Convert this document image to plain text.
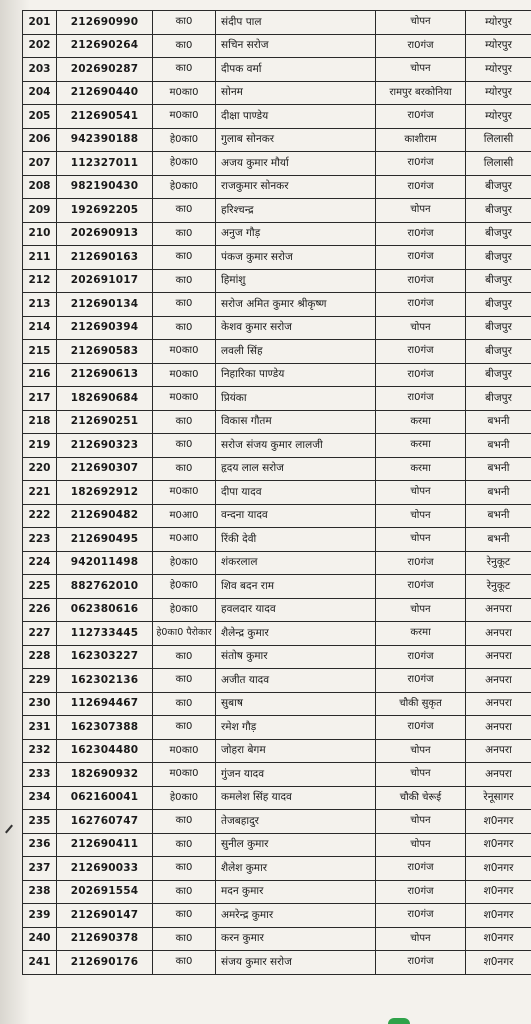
201	212690990	का0	संदीप पाल	चोपन	म्योरपुर
202	212690264	का0	सचिन सरोज	रा0गंज	म्योरपुर
203	202690287	का0	दीपक वर्मा	चोपन	म्योरपुर
204	212690440	म0का0	सोनम	रामपुर बरकोनिया	म्योरपुर
205	212690541	म0का0	दीक्षा पाण्डेय	रा0गंज	म्योरपुर
206	942390188	हे0का0	गुलाब सोनकर	काशीराम	लिलासी
207	112327011	हे0का0	अजय कुमार मौर्या	रा0गंज	लिलासी
208	982190430	हे0का0	राजकुमार सोनकर	रा0गंज	बीजपुर
209	192692205	का0	हरिश्चन्द्र	चोपन	बीजपुर
210	202690913	का0	अनुज गौड़	रा0गंज	बीजपुर
211	212690163	का0	पंकज कुमार सरोज	रा0गंज	बीजपुर
212	202691017	का0	हिमांशु	रा0गंज	बीजपुर
213	212690134	का0	सरोज अमित कुमार श्रीकृष्ण	रा0गंज	बीजपुर
214	212690394	का0	केशव कुमार सरोज	चोपन	बीजपुर
215	212690583	म0का0	लवली सिंह	रा0गंज	बीजपुर
216	212690613	म0का0	निहारिका पाण्डेय	रा0गंज	बीजपुर
217	182690684	म0का0	प्रियंका	रा0गंज	बीजपुर
218	212690251	का0	विकास गौतम	करमा	बभनी
219	212690323	का0	सरोज संजय कुमार लालजी	करमा	बभनी
220	212690307	का0	हृदय लाल सरोज	करमा	बभनी
221	182692912	म0का0	दीपा यादव	चोपन	बभनी
222	212690482	म0आ0	वन्दना यादव	चोपन	बभनी
223	212690495	म0आ0	रिंकी देवी	चोपन	बभनी
224	942011498	हे0का0	शंकरलाल	रा0गंज	रेनुकूट
225	882762010	हे0का0	शिव बदन राम	रा0गंज	रेनुकूट
226	062380616	हे0का0	हवलदार यादव	चोपन	अनपरा
227	112733445	हे0का0 पैरोकार	शैलेन्द्र कुमार	करमा	अनपरा
228	162303227	का0	संतोष कुमार	रा0गंज	अनपरा
229	162302136	का0	अजीत यादव	रा0गंज	अनपरा
230	112694467	का0	सुबाष	चौकी सुकृत	अनपरा
231	162307388	का0	रमेश गौड़	रा0गंज	अनपरा
232	162304480	म0का0	जोहरा बेगम	चोपन	अनपरा
233	182690932	म0का0	गुंजन यादव	चोपन	अनपरा
234	062160041	हे0का0	कमलेश सिंह यादव	चौकी चेरूई	रेनूसागर
235	162760747	का0	तेजबहादुर	चोपन	श0नगर
236	212690411	का0	सुनील कुमार	चोपन	श0नगर
237	212690033	का0	शैलेश कुमार	रा0गंज	श0नगर
238	202691554	का0	मदन कुमार	रा0गंज	श0नगर
239	212690147	का0	अमरेन्द्र कुमार	रा0गंज	श0नगर
240	212690378	का0	करन कुमार	चोपन	श0नगर
241	212690176	का0	संजय कुमार सरोज	रा0गंज	श0नगर
